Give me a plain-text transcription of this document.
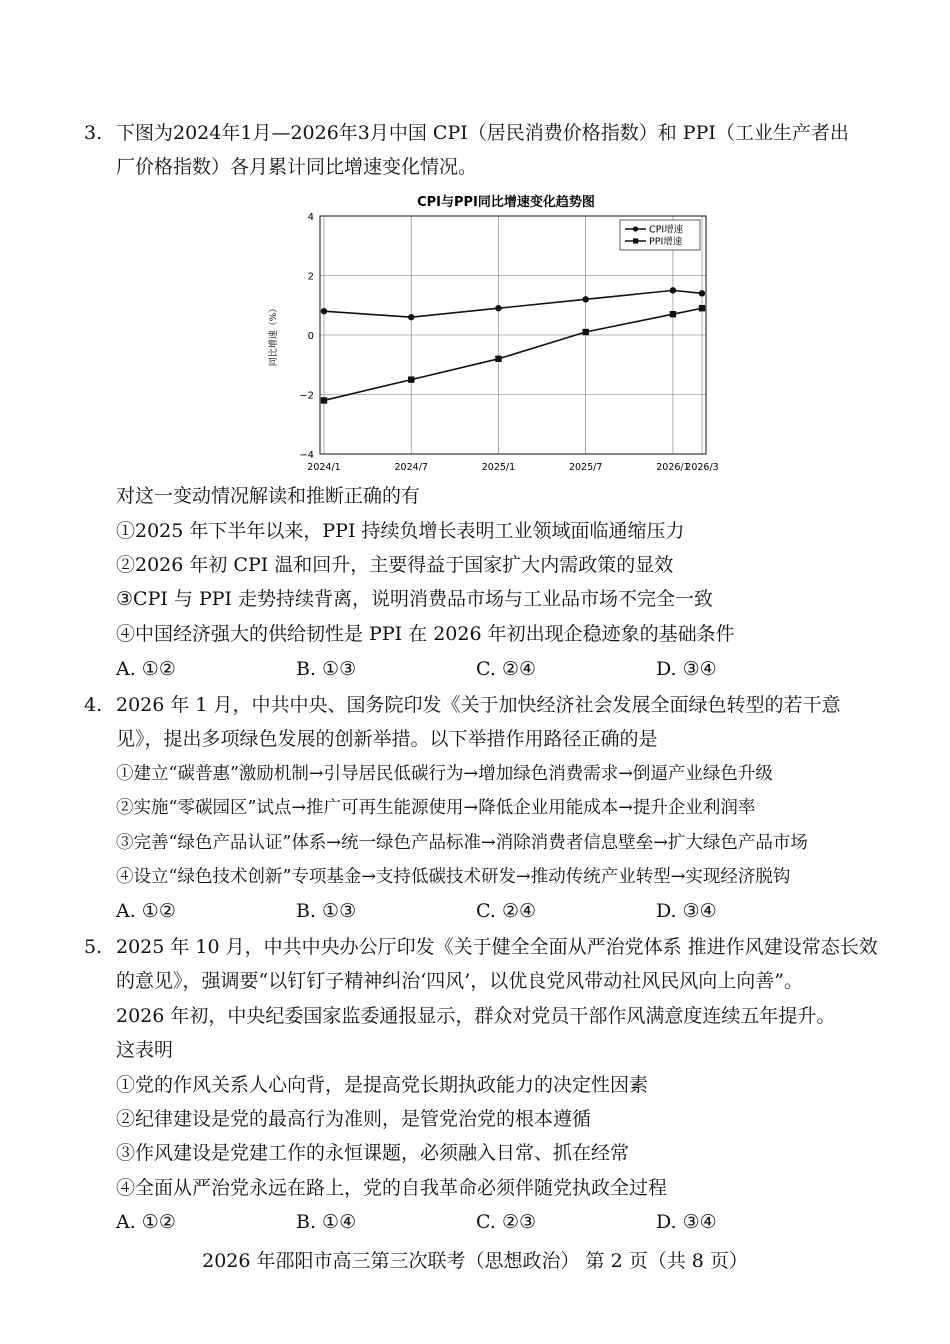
3. 下图为2024年1月—2026年3月中国 CPI（居民消费价格指数）和 PPI（工业生产者出
厂价格指数）各月累计同比增速变化情况。
CPI与PPI同比增速变化趋势图
4
2
0
−2
−4
2024/1	2024/7	2025/1	2025/7	2026/1
2026/3
同比增速（%）
CPI增速
PPI增速
对这一变动情况解读和推断正确的有
①2025 年下半年以来，PPI 持续负增长表明工业领域面临通缩压力
②2026 年初 CPI 温和回升，主要得益于国家扩大内需政策的显效
③CPI 与 PPI 走势持续背离，说明消费品市场与工业品市场不完全一致
④中国经济强大的供给韧性是 PPI 在 2026 年初出现企稳迹象的基础条件
A. ①②	B. ①③	C. ②④	D. ③④
4. 2026 年 1 月，中共中央、国务院印发《关于加快经济社会发展全面绿色转型的若干意
见》，提出多项绿色发展的创新举措。以下举措作用路径正确的是
①建立“碳普惠”激励机制→引导居民低碳行为→增加绿色消费需求→倒逼产业绿色升级
②实施“零碳园区”试点→推广可再生能源使用→降低企业用能成本→提升企业利润率
③完善“绿色产品认证”体系→统一绿色产品标准→消除消费者信息壁垒→扩大绿色产品市场
④设立“绿色技术创新”专项基金→支持低碳技术研发→推动传统产业转型→实现经济脱钩
A. ①②	B. ①③	C. ②④	D. ③④
5. 2025 年 10 月，中共中央办公厅印发《关于健全全面从严治党体系 推进作风建设常态长效
的意见》，强调要“以钉钉子精神纠治‘四风’，以优良党风带动社风民风向上向善”。
2026 年初，中央纪委国家监委通报显示，群众对党员干部作风满意度连续五年提升。
这表明
①党的作风关系人心向背，是提高党长期执政能力的决定性因素
②纪律建设是党的最高行为准则，是管党治党的根本遵循
③作风建设是党建工作的永恒课题，必须融入日常、抓在经常
④全面从严治党永远在路上，党的自我革命必须伴随党执政全过程
A. ①②	B. ①④	C. ②③	D. ③④
2026 年邵阳市高三第三次联考（思想政治） 第 2 页（共 8 页）
